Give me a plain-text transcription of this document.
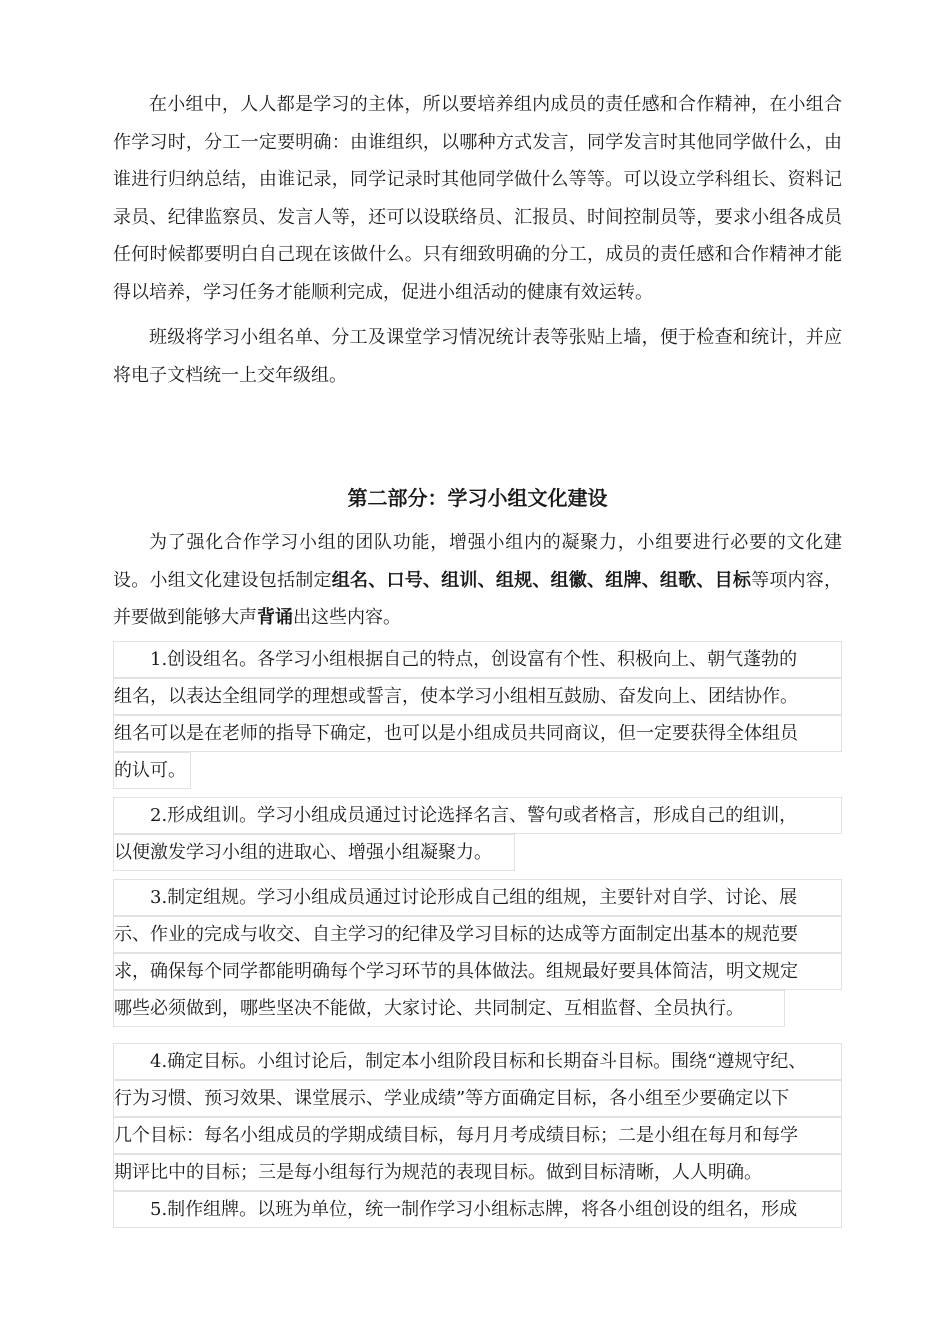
在小组中，人人都是学习的主体，所以要培养组内成员的责任感和合作精神，在小组合作学习时，分工一定要明确：由谁组织，以哪种方式发言，同学发言时其他同学做什么，由谁进行归纳总结，由谁记录，同学记录时其他同学做什么等等。可以设立学科组长、资料记录员、纪律监察员、发言人等，还可以设联络员、汇报员、时间控制员等，要求小组各成员任何时候都要明白自己现在该做什么。只有细致明确的分工，成员的责任感和合作精神才能得以培养，学习任务才能顺利完成，促进小组活动的健康有效运转。

班级将学习小组名单、分工及课堂学习情况统计表等张贴上墙，便于检查和统计，并应将电子文档统一上交年级组。

第二部分：学习小组文化建设

为了强化合作学习小组的团队功能，增强小组内的凝聚力，小组要进行必要的文化建设。小组文化建设包括制定组名、口号、组训、组规、组徽、组牌、组歌、目标等项内容，并要做到能够大声背诵出这些内容。

1.创设组名。各学习小组根据自己的特点，创设富有个性、积极向上、朝气蓬勃的
组名，以表达全组同学的理想或誓言，使本学习小组相互鼓励、奋发向上、团结协作。
组名可以是在老师的指导下确定，也可以是小组成员共同商议，但一定要获得全体组员
的认可。
2.形成组训。学习小组成员通过讨论选择名言、警句或者格言，形成自己的组训，
以便激发学习小组的进取心、增强小组凝聚力。
3.制定组规。学习小组成员通过讨论形成自己组的组规，主要针对自学、讨论、展
示、作业的完成与收交、自主学习的纪律及学习目标的达成等方面制定出基本的规范要
求，确保每个同学都能明确每个学习环节的具体做法。组规最好要具体简洁，明文规定
哪些必须做到，哪些坚决不能做，大家讨论、共同制定、互相监督、全员执行。
4.确定目标。小组讨论后，制定本小组阶段目标和长期奋斗目标。围绕“遵规守纪、
行为习惯、预习效果、课堂展示、学业成绩”等方面确定目标，各小组至少要确定以下
几个目标：每名小组成员的学期成绩目标，每月月考成绩目标；二是小组在每月和每学
期评比中的目标；三是每小组每行为规范的表现目标。做到目标清晰，人人明确。
5.制作组牌。以班为单位，统一制作学习小组标志牌，将各小组创设的组名，形成
